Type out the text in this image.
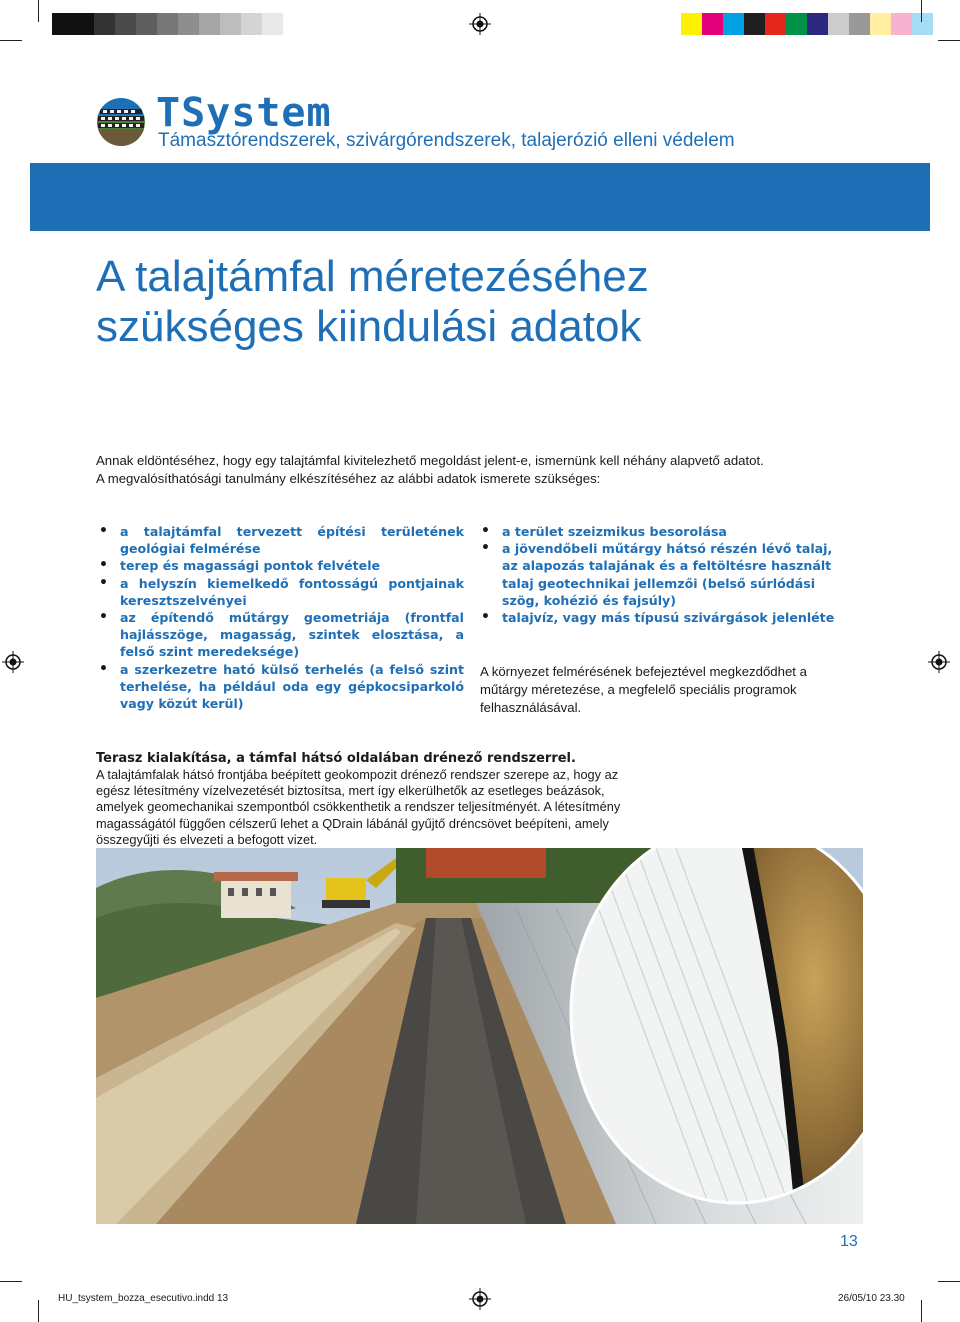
TSystem
Támasztórendszerek, szivárgórendszerek, talajerózió elleni védelem
A talajtámfal méretezéséhez
szükséges kiindulási adatok
Annak eldöntéséhez, hogy egy talajtámfal kivitelezhető megoldást jelent-e, ismernünk kell néhány alapvető adatot.
A megvalósíthatósági tanulmány elkészítéséhez az alábbi adatok ismerete szükséges:
• a talajtámfal tervezett építési területének geológiai felmérése
• terep és magassági pontok felvétele
• a helyszín kiemelkedő fontosságú pontjainak keresztszelvényei
• az építendő műtárgy geometriája (frontfal hajlásszöge, magasság, szintek elosztása, a felső szint meredeksége)
• a szerkezetre ható külső terhelés (a felső szint terhelése, ha például oda egy gépkocsiparkoló vagy közút kerül)
• a terület szeizmikus besorolása
• a jövendőbeli műtárgy hátsó részén lévő talaj, az alapozás talajának és a feltöltésre használt talaj geotechnikai jellemzői (belső súrlódási szög, kohézió és fajsúly)
• talajvíz, vagy más típusú szivárgások jelenléte
A környezet felmérésének befejeztével megkezdődhet a műtárgy méretezése, a megfelelő speciális programok felhasználásával.
Terasz kialakítása, a támfal hátsó oldalában drénező rendszerrel.
A talajtámfalak hátsó frontjába beépített geokompozit drénező rendszer szerepe az, hogy az egész létesítmény vízelvezetését biztosítsa, mert így elkerülhetők az esetleges beázások, amelyek geomechanikai szempontból csökkenthetik a rendszer teljesítményét. A létesítmény magasságától függően célszerű lehet a QDrain lábánál gyűjtő dréncsövet beépíteni, amely összegyűjti és elvezeti a befogott vizet.
13
HU_tsystem_bozza_esecutivo.indd 13	26/05/10 23.30
